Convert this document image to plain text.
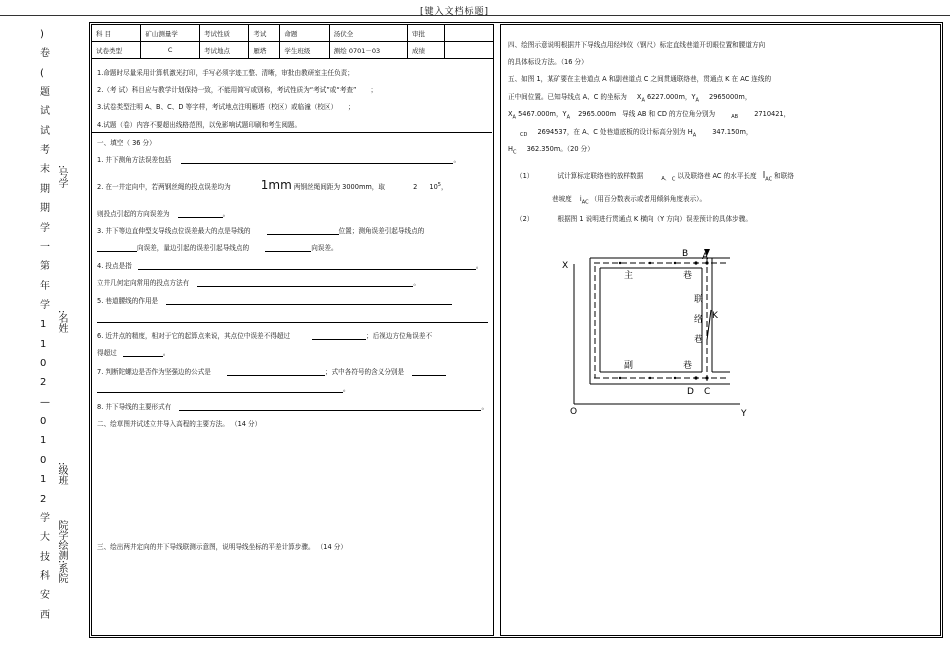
[键入文档标题]
)
卷
(
题
试
试
考
末
期
期
学
一
第
年
学
1
1
0
2
—
0
1
0
1
2
学
大
技
科
安
西
:号学
:名姓
:级班
院学绘测:系院
科 目	矿山测量学	考试性质	考试	命题	汤伏全	审批	
试卷类型	C	考试地点	雁塔	学生班级	测绘 0701－03	成绩	
1.命题时尽量采用计算机激光打印，手写必须字迹工整、清晰，审批由教研室主任负责；
2.（考 试）科目应与教学计划保持一致，不能用简写或别称，考试性质为“考试”或“考查” ；
3.试卷类型注明 A、B、C、D 等字样，考试地点注明雁塔（校区）或临潼（校区） ；
4.试题（卷）内容不要超出线格范围，以免影响试题印刷和考生阅题。
一、填空（ 36 分）
1. 井下测角方法误差包括	。
2. 在一井定向中，若两钢丝绳的投点误差均为	1mm 两钢丝绳间距为 3000mm，取	2 $10^5$，
则投点引起的方向误差为	。
3. 井下等边直伸型支导线点位误差最大的点是导线的	位置；测角误差引起导线点的
向误差，量边引起的误差引起导线点的	向误差。
4. 投点是指	。
立井几何定向常用的投点方法有	。
5. 巷道腰线的作用是
6. 近井点的精度，相对于它的起算点来说，其点位中误差不得超过	；后视边方位角误差不
得超过	。
7. 判断陀螺边是否作为坚强边的公式是	；式中各符号的含义分别是
。
8. 井下导线的主要形式有	。
二、绘草图并试述立井导入高程的主要方法。 （14 分）
三、绘出两井定向的井下导线联测示意图，说明导线坐标的平差计算步骤。 （14 分）
四、绘图示意说明根据井下导线点用经纬仪（钢尺）标定直线巷道开切眼位置和腰道方向
的具体标设方法。（16 分）
五、如图 1，某矿要在主巷道点 A 和副巷道点 C 之间贯通联络巷，贯通点 K 在 AC 连线的
正中间位置。已知导线点 A、C 的坐标为 $X_A$ 6227.000m，$Y_A$ 2965000m，
$X_A$ 5467.000m，$Y_A$ 2965.000m 导线 AB 和 CD 的方位角分别为	$_{AB}$ 2710421，
$_{CD}$ 2694537，在 A、C 处巷道底板的设计标高分别为 $H_A$ 347.150m，
$H_C$ 362.350m。（20 分）
（1）	试计算标定联络巷的放样数据	$_{A、}$ $_C$ 以及联络巷 AC 的水平长度 $l_{AC}$ 和联络
巷坡度 $i_{AC}$ （用百分数表示或者用倾斜角度表示）。
（2）	根据图 1 说明进行贯通点 K 横向（Y 方向）误差预计的具体步骤。
X
O	Y
B A
K
D C
主	巷
联
络
巷
副	巷
